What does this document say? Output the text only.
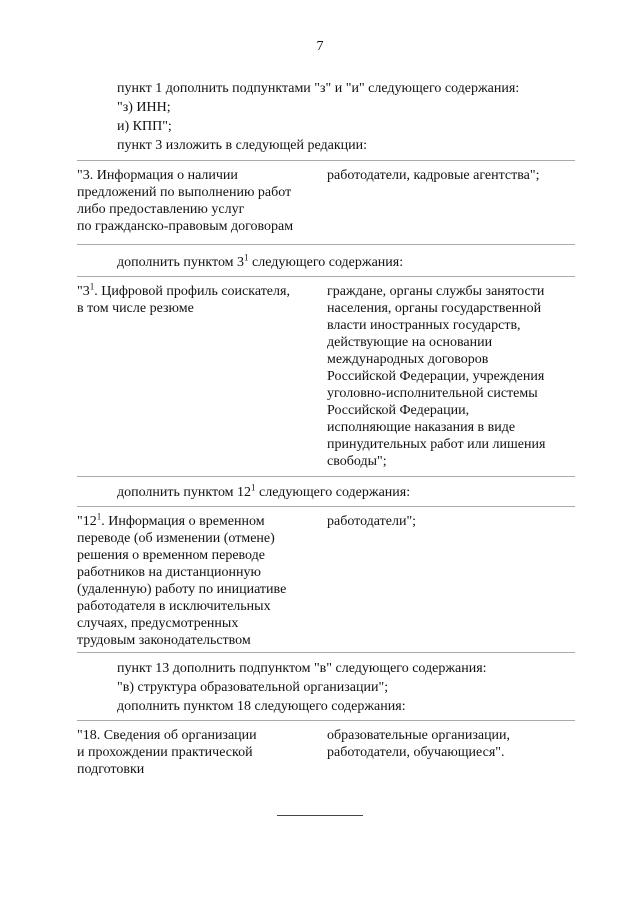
7
пункт 1 дополнить подпунктами "з" и "и" следующего содержания:
"з) ИНН;
и) КПП";
пункт 3 изложить в следующей редакции:
"3. Информация о наличии
предложений по выполнению работ
либо предоставлению услуг
по гражданско-правовым договорам
работодатели, кадровые агентства";
дополнить пунктом $3^1$ следующего содержания:
"$3^1$. Цифровой профиль соискателя,
в том числе резюме
граждане, органы службы занятости
населения, органы государственной
власти иностранных государств,
действующие на основании
международных договоров
Российской Федерации, учреждения
уголовно-исполнительной системы
Российской Федерации,
исполняющие наказания в виде
принудительных работ или лишения
свободы";
дополнить пунктом $12^1$ следующего содержания:
"$12^1$. Информация о временном
переводе (об изменении (отмене)
решения о временном переводе
работников на дистанционную
(удаленную) работу по инициативе
работодателя в исключительных
случаях, предусмотренных
трудовым законодательством
работодатели";
пункт 13 дополнить подпунктом "в" следующего содержания:
"в) структура образовательной организации";
дополнить пунктом 18 следующего содержания:
"18. Сведения об организации
и прохождении практической
подготовки
образовательные организации,
работодатели, обучающиеся".
